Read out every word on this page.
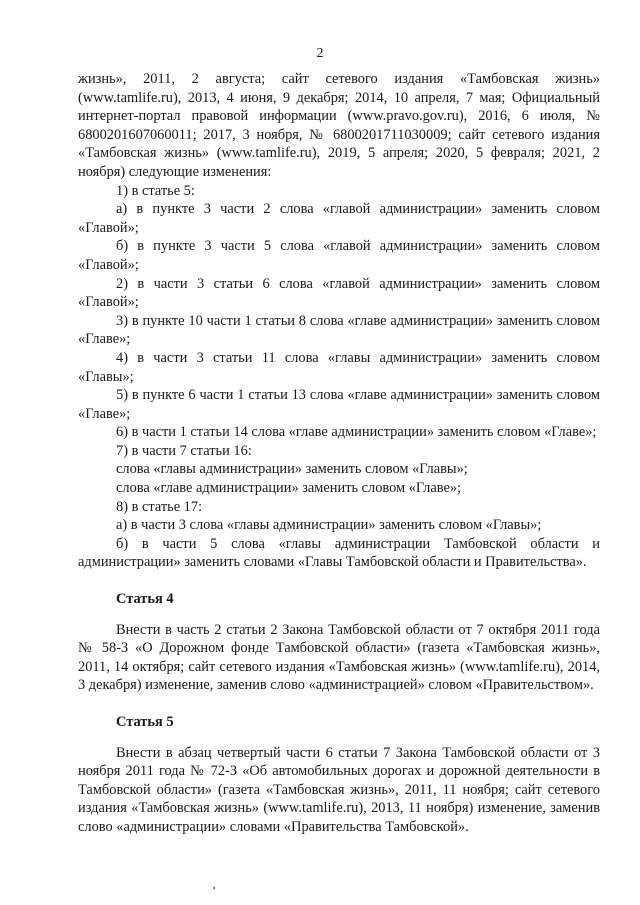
2

жизнь», 2011, 2 августа; сайт сетевого издания «Тамбовская жизнь» (www.tamlife.ru), 2013, 4 июня, 9 декабря; 2014, 10 апреля, 7 мая; Официальный интернет-портал правовой информации (www.pravo.gov.ru), 2016, 6 июля, № 6800201607060011; 2017, 3 ноября, № 6800201711030009; сайт сетевого издания «Тамбовская жизнь» (www.tamlife.ru), 2019, 5 апреля; 2020, 5 февраля; 2021, 2 ноября) следующие изменения:

1) в статье 5:

а) в пункте 3 части 2 слова «главой администрации» заменить словом «Главой»;

б) в пункте 3 части 5 слова «главой администрации» заменить словом «Главой»;

2) в части 3 статьи 6 слова «главой администрации» заменить словом «Главой»;

3) в пункте 10 части 1 статьи 8 слова «главе администрации» заменить словом «Главе»;

4) в части 3 статьи 11 слова «главы администрации» заменить словом «Главы»;

5) в пункте 6 части 1 статьи 13 слова «главе администрации» заменить словом «Главе»;

6) в части 1 статьи 14 слова «главе администрации» заменить словом «Главе»;

7) в части 7 статьи 16:

слова «главы администрации» заменить словом «Главы»;

слова «главе администрации» заменить словом «Главе»;

8) в статье 17:

а) в части 3 слова «главы администрации» заменить словом «Главы»;

б) в части 5 слова «главы администрации Тамбовской области и администрации» заменить словами «Главы Тамбовской области и Правительства».

Статья 4

Внести в часть 2 статьи 2 Закона Тамбовской области от 7 октября 2011 года № 58-З «О Дорожном фонде Тамбовской области» (газета «Тамбовская жизнь», 2011, 14 октября; сайт сетевого издания «Тамбовская жизнь» (www.tamlife.ru), 2014, 3 декабря) изменение, заменив слово «администрацией» словом «Правительством».

Статья 5

Внести в абзац четвертый части 6 статьи 7 Закона Тамбовской области от 3 ноября 2011 года № 72-З «Об автомобильных дорогах и дорожной деятельности в Тамбовской области» (газета «Тамбовская жизнь», 2011, 11 ноября; сайт сетевого издания «Тамбовская жизнь» (www.tamlife.ru), 2013, 11 ноября) изменение, заменив слово «администрации» словами «Правительства Тамбовской».
